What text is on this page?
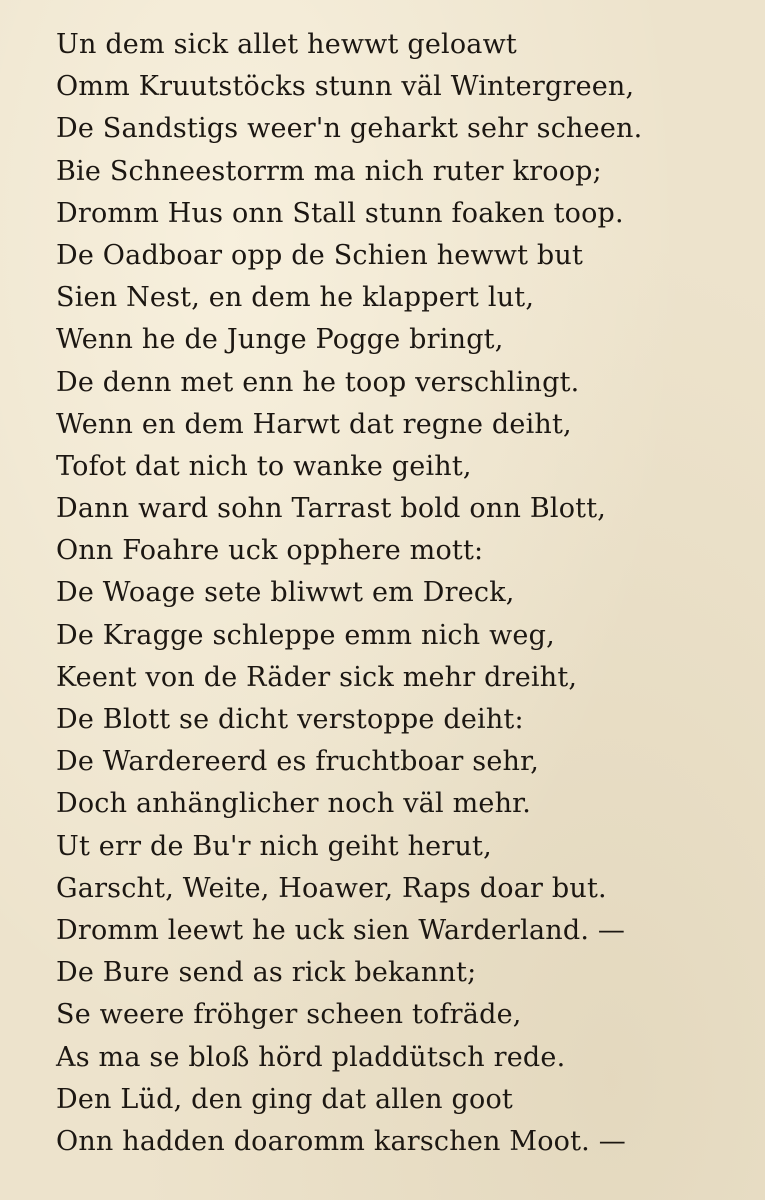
Un dem sick allet hewwt geloawt
Omm Kruutstöcks stunn väl Wintergreen,
De Sandstigs weer'n geharkt sehr scheen.
Bie Schneestorrm ma nich ruter kroop;
Dromm Hus onn Stall stunn foaken toop.
De Oadboar opp de Schien hewwt but
Sien Nest, en dem he klappert lut,
Wenn he de Junge Pogge bringt,
De denn met enn he toop verschlingt.
Wenn en dem Harwt dat regne deiht,
Tofot dat nich to wanke geiht,
Dann ward sohn Tarrast bold onn Blott,
Onn Foahre uck opphere mott:
De Woage sete bliwwt em Dreck,
De Kragge schleppe emm nich weg,
Keent von de Räder sick mehr dreiht,
De Blott se dicht verstoppe deiht:
De Wardereerd es fruchtboar sehr,
Doch anhänglicher noch väl mehr.
Ut err de Bu'r nich geiht herut,
Garscht, Weite, Hoawer, Raps doar but.
Dromm leewt he uck sien Warderland. —
De Bure send as rick bekannt;
Se weere fröhger scheen tofräde,
As ma se bloß hörd pladdütsch rede.
Den Lüd, den ging dat allen goot
Onn hadden doaromm karschen Moot. —
